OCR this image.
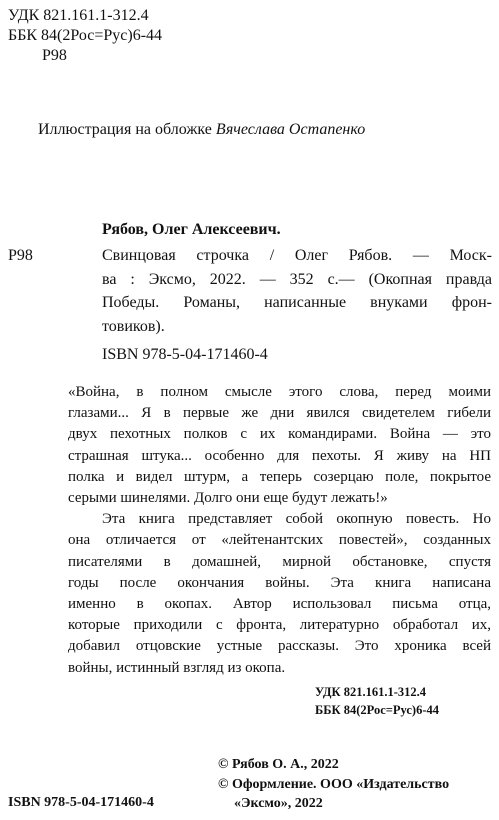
УДК 821.161.1-312.4
ББК 84(2Рос=Рус)6-44
Р98
Иллюстрация на обложке Вячеслава Остапенко
Рябов, Олег Алексеевич.
Р98	Свинцовая строчка / Олег Рябов. — Моск-
ва : Эксмо, 2022. — 352 с.— (Окопная правда
Победы. Романы, написанные внуками фрон-
товиков).
ISBN 978-5-04-171460-4
«Война, в полном смысле этого слова, перед моими
глазами... Я в первые же дни явился свидетелем гибели
двух пехотных полков с их командирами. Война — это
страшная штука... особенно для пехоты. Я живу на НП
полка и видел штурм, а теперь созерцаю поле, покрытое
серыми шинелями. Долго они еще будут лежать!»
Эта книга представляет собой окопную повесть. Но
она отличается от «лейтенантских повестей», созданных
писателями в домашней, мирной обстановке, спустя
годы после окончания войны. Эта книга написана
именно в окопах. Автор использовал письма отца,
которые приходили с фронта, литературно обработал их,
добавил отцовские устные рассказы. Это хроника всей
войны, истинный взгляд из окопа.
УДК 821.161.1-312.4
ББК 84(2Рос=Рус)6-44
© Рябов О. А., 2022
© Оформление. ООО «Издательство
«Эксмо», 2022
ISBN 978-5-04-171460-4
